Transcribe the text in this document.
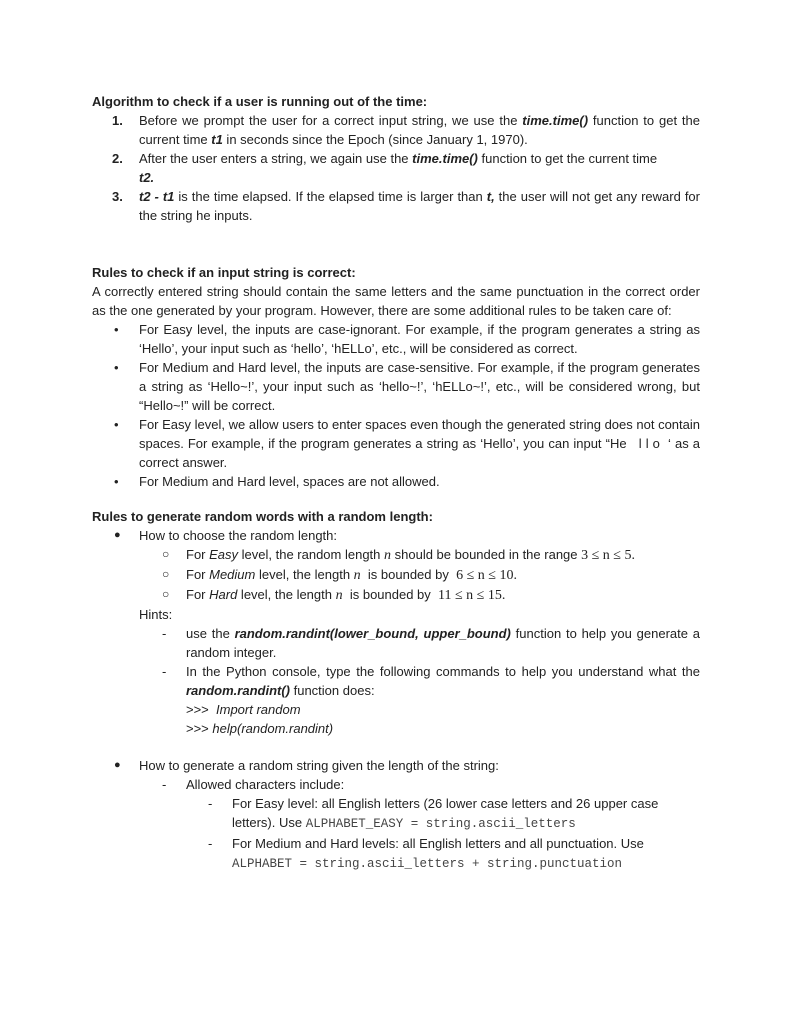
Algorithm to check if a user is running out of the time:

1.	Before we prompt the user for a correct input string, we use the time.time() function to get the current time t1 in seconds since the Epoch (since January 1, 1970).
2.	After the user enters a string, we again use the time.time() function to get the current time
t2.
3.	t2 - t1 is the time elapsed. If the elapsed time is larger than t, the user will not get any reward for the string he inputs.

Rules to check if an input string is correct:

A correctly entered string should contain the same letters and the same punctuation in the correct order as the one generated by your program. However, there are some additional rules to be taken care of:

• For Easy level, the inputs are case-ignorant. For example, if the program generates a string as ‘Hello’, your input such as ‘hello’, ‘hELLo’, etc., will be considered as correct.
• For Medium and Hard level, the inputs are case-sensitive. For example, if the program generates a string as ‘Hello~!’, your input such as ‘hello~!’, ‘hELLo~!’, etc., will be considered wrong, but “Hello~!” will be correct.
• For Easy level, we allow users to enter spaces even though the generated string does not contain spaces. For example, if the program generates a string as ‘Hello’, you can input “He   l l o  ‘ as a correct answer.
• For Medium and Hard level, spaces are not allowed.

Rules to generate random words with a random length:

● How to choose the random length:
○ For Easy level, the random length n should be bounded in the range 3 ≤ n ≤ 5.
○ For Medium level, the length n  is bounded by  6 ≤ n ≤ 10.
○ For Hard level, the length n  is bounded by  11 ≤ n ≤ 15.
Hints:
- use the random.randint(lower_bound, upper_bound) function to help you generate a random integer.
- In the Python console, type the following commands to help you understand what the random.randint() function does:
>>> Import random
>>> help(random.randint)
● How to generate a random string given the length of the string:
- Allowed characters include:
- For Easy level: all English letters (26 lower case letters and 26 upper case letters). Use ALPHABET_EASY = string.ascii_letters
- For Medium and Hard levels: all English letters and all punctuation. Use
ALPHABET = string.ascii_letters + string.punctuation
